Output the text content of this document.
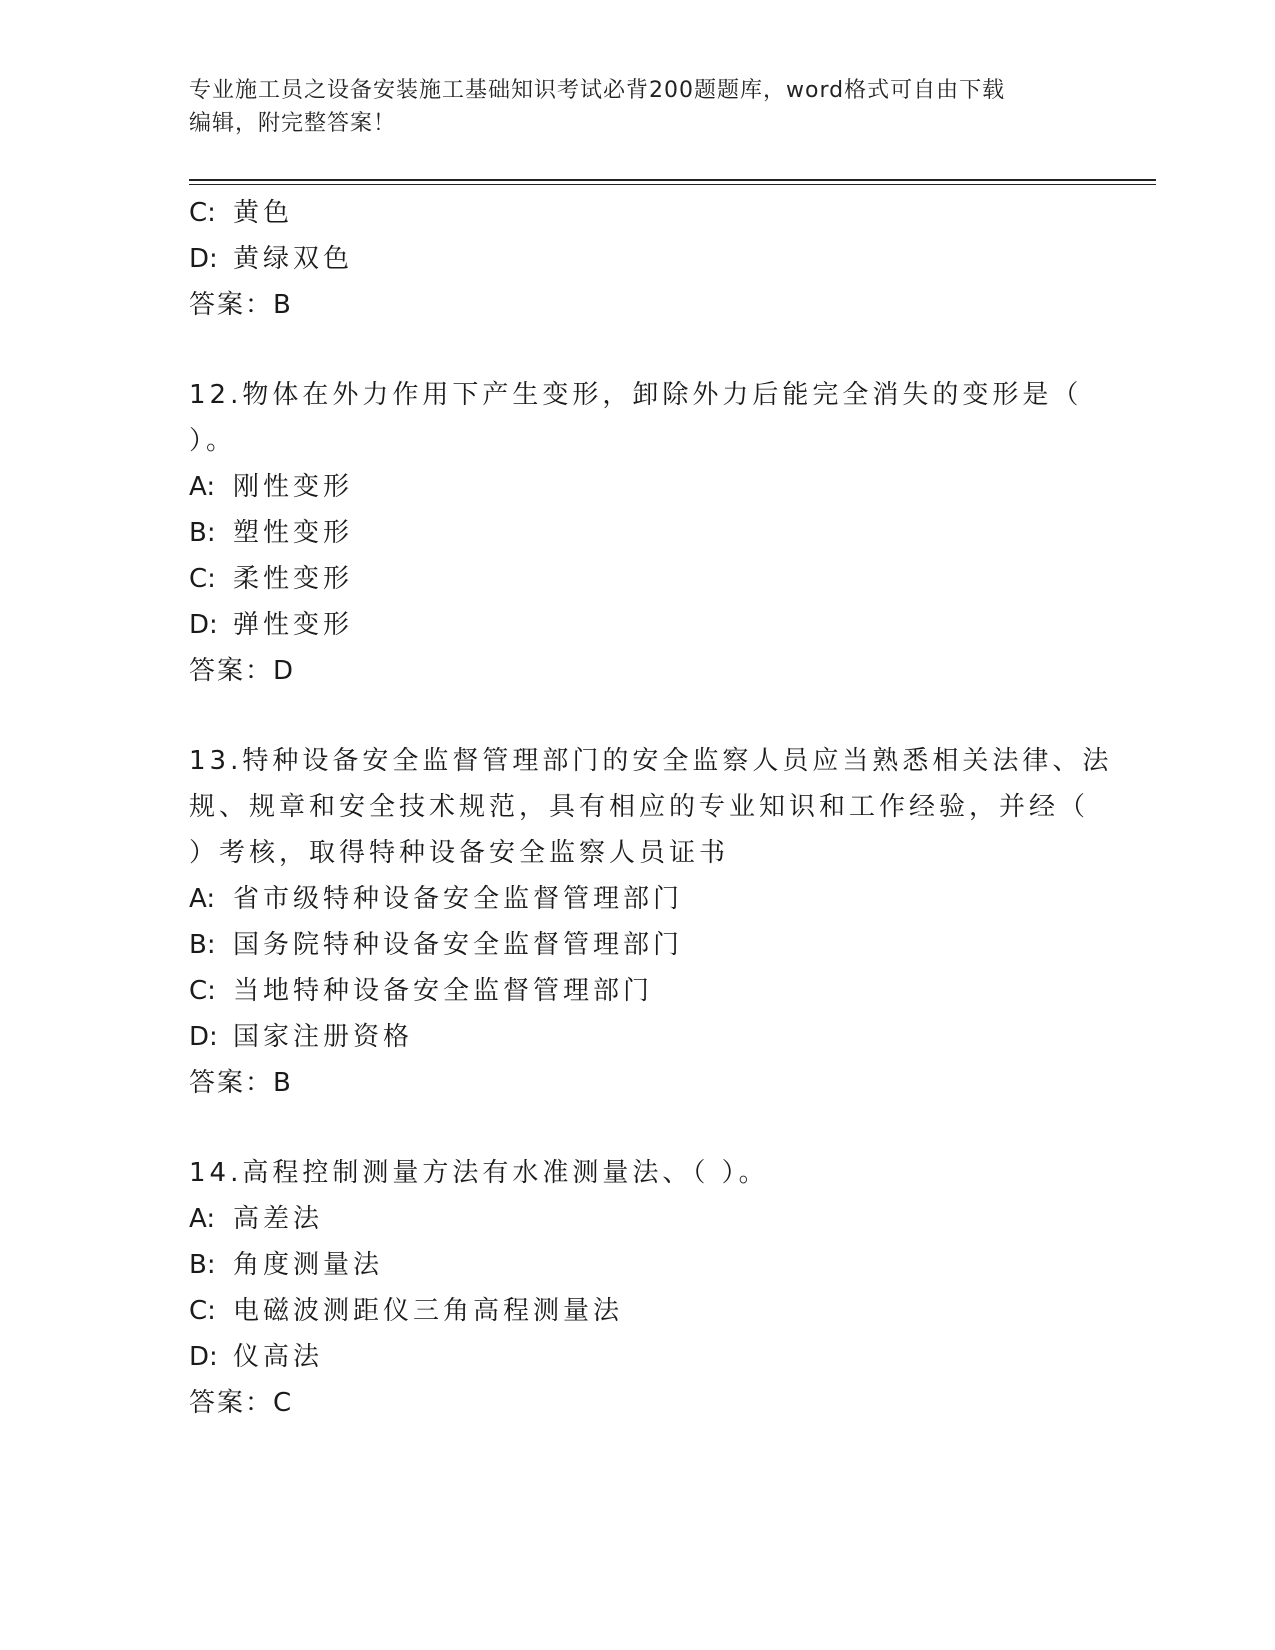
专业施工员之设备安装施工基础知识考试必背200题题库，word格式可自由下载
编辑，附完整答案！
C: 黄色
D: 黄绿双色
答案：B
12.物体在外力作用下产生变形，卸除外力后能完全消失的变形是（
）。
A: 刚性变形
B: 塑性变形
C: 柔性变形
D: 弹性变形
答案：D
13.特种设备安全监督管理部门的安全监察人员应当熟悉相关法律、法
规、规章和安全技术规范，具有相应的专业知识和工作经验，并经（
）考核，取得特种设备安全监察人员证书
A: 省市级特种设备安全监督管理部门
B: 国务院特种设备安全监督管理部门
C: 当地特种设备安全监督管理部门
D: 国家注册资格
答案：B
14.高程控制测量方法有水准测量法、（ ）。
A: 高差法
B: 角度测量法
C: 电磁波测距仪三角高程测量法
D: 仪高法
答案：C
